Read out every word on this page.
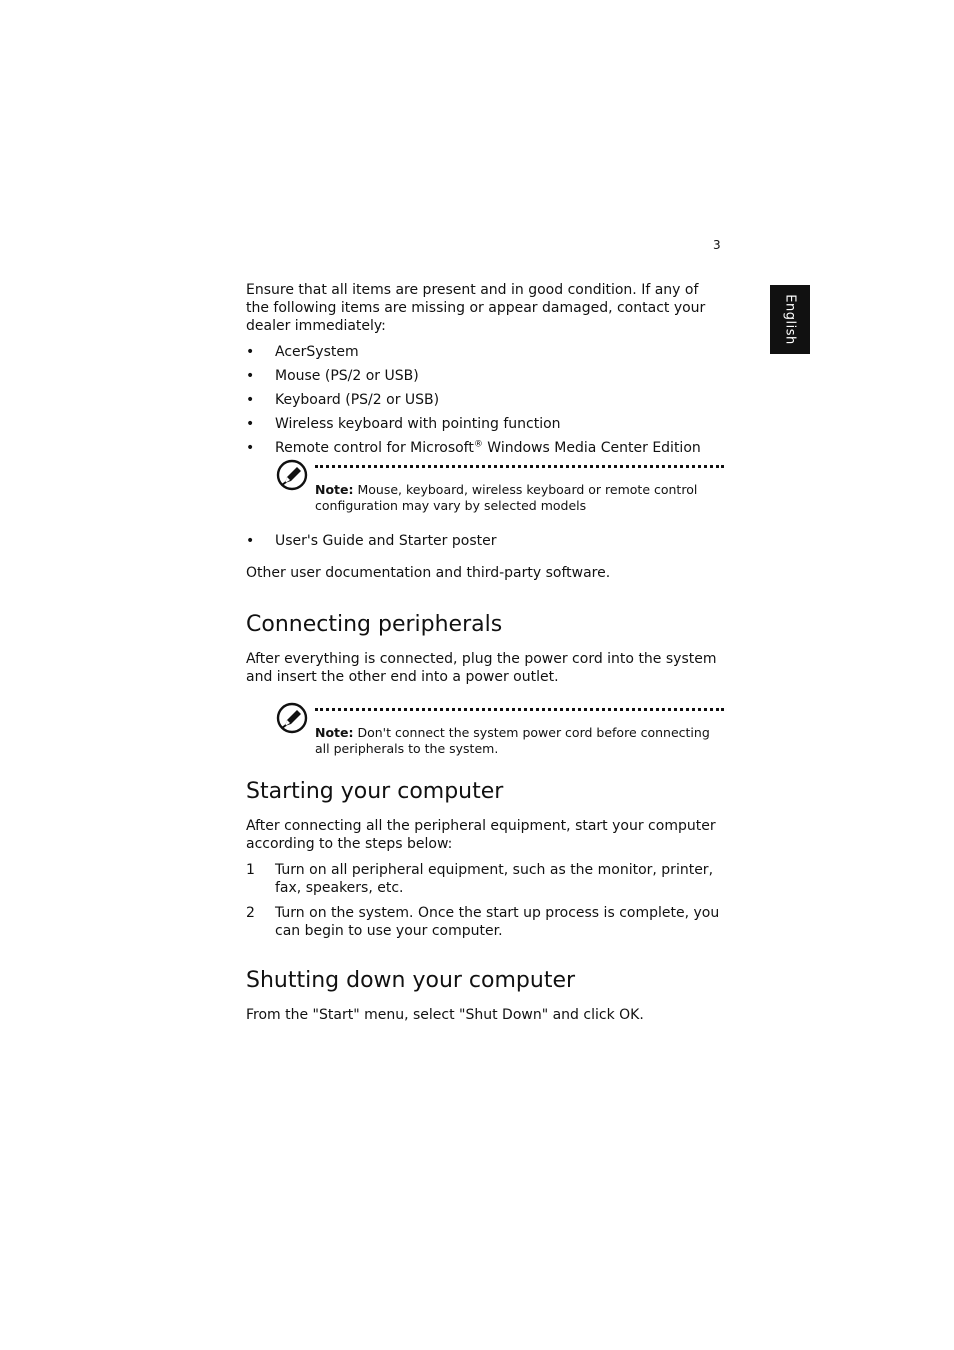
3
English

Ensure that all items are present and in good condition. If any of the following items are missing or appear damaged, contact your dealer immediately:

• AcerSystem
• Mouse (PS/2 or USB)
• Keyboard (PS/2 or USB)
• Wireless keyboard with pointing function
• Remote control for Microsoft® Windows Media Center Edition

Note: Mouse, keyboard, wireless keyboard or remote control configuration may vary by selected models

• User's Guide and Starter poster

Other user documentation and third-party software.

Connecting peripherals

After everything is connected, plug the power cord into the system and insert the other end into a power outlet.

Note: Don't connect the system power cord before connecting all peripherals to the system.

Starting your computer

After connecting all the peripheral equipment, start your computer according to the steps below:

1 Turn on all peripheral equipment, such as the monitor, printer, fax, speakers, etc.
2 Turn on the system. Once the start up process is complete, you can begin to use your computer.
Shutting down your computer

From the "Start" menu, select "Shut Down" and click OK.
